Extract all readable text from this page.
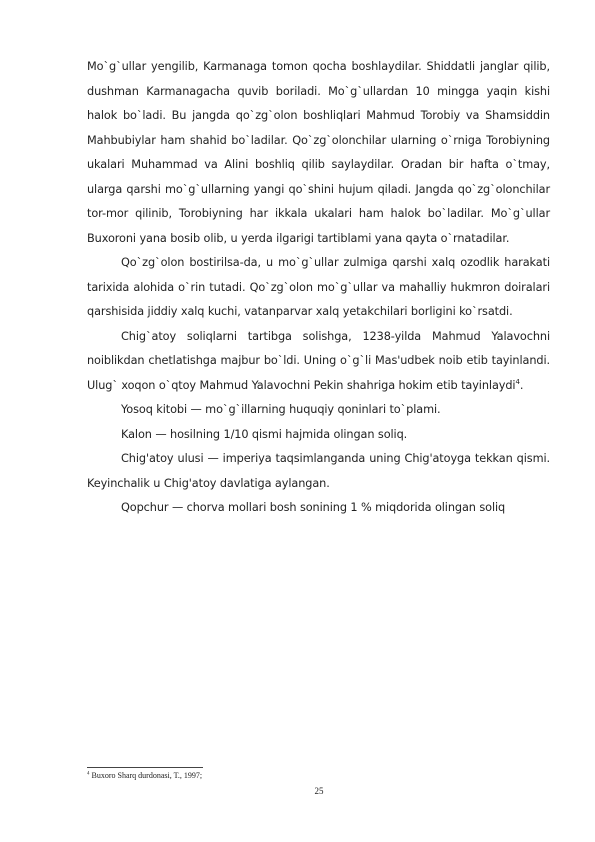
Mo`g`ullar yengilib, Karmanaga tomon qocha boshlaydilar. Shiddatli janglar qilib, dushman Karmanagacha quvib boriladi. Mo`g`ullardan 10 mingga yaqin kishi halok bo`ladi. Bu jangda qo`zg`olon boshliqlari Mahmud Torobiy va Shamsiddin Mahbubiylar ham shahid bo`ladilar. Qo`zg`olonchilar ularning o`rniga Torobiyning ukalari Muhammad va Alini boshliq qilib saylaydilar. Oradan bir hafta o`tmay, ularga qarshi mo`g`ullarning yangi qo`shini hujum qiladi. Jangda qo`zg`olonchilar tor-mor qilinib, Torobiyning har ikkala ukalari ham halok bo`ladilar. Mo`g`ullar Buxoroni yana bosib olib, u yerda ilgarigi tartiblami yana qayta o`rnatadilar.

Qo`zg`olon bostirilsa-da, u mo`g`ullar zulmiga qarshi xalq ozodlik harakati tarixida alohida o`rin tutadi. Qo`zg`olon mo`g`ullar va mahalliy hukmron doiralari qarshisida jiddiy xalq kuchi, vatanparvar xalq yetakchilari borligini ko`rsatdi.

Chig`atoy soliqlarni tartibga solishga, 1238-yilda Mahmud Yalavochni noiblikdan chetlatishga majbur bo`ldi. Uning o`g`li Mas'udbek noib etib tayinlandi. Ulug` xoqon o`qtoy Mahmud Yalavochni Pekin shahriga hokim etib tayinlaydi$^4$.

Yosoq kitobi — mo`g`illarning huquqiy qoninlari to`plami.

Kalon — hosilning 1/10 qismi hajmida olingan soliq.

Chig'atoy ulusi — imperiya taqsimlanganda uning Chig'atoyga tekkan qismi. Keyinchalik u Chig'atoy davlatiga aylangan.

Qopchur — chorva mollari bosh sonining 1 % miqdorida olingan soliq

$^4$ Buxoro Sharq durdonasi, T., 1997;
25
